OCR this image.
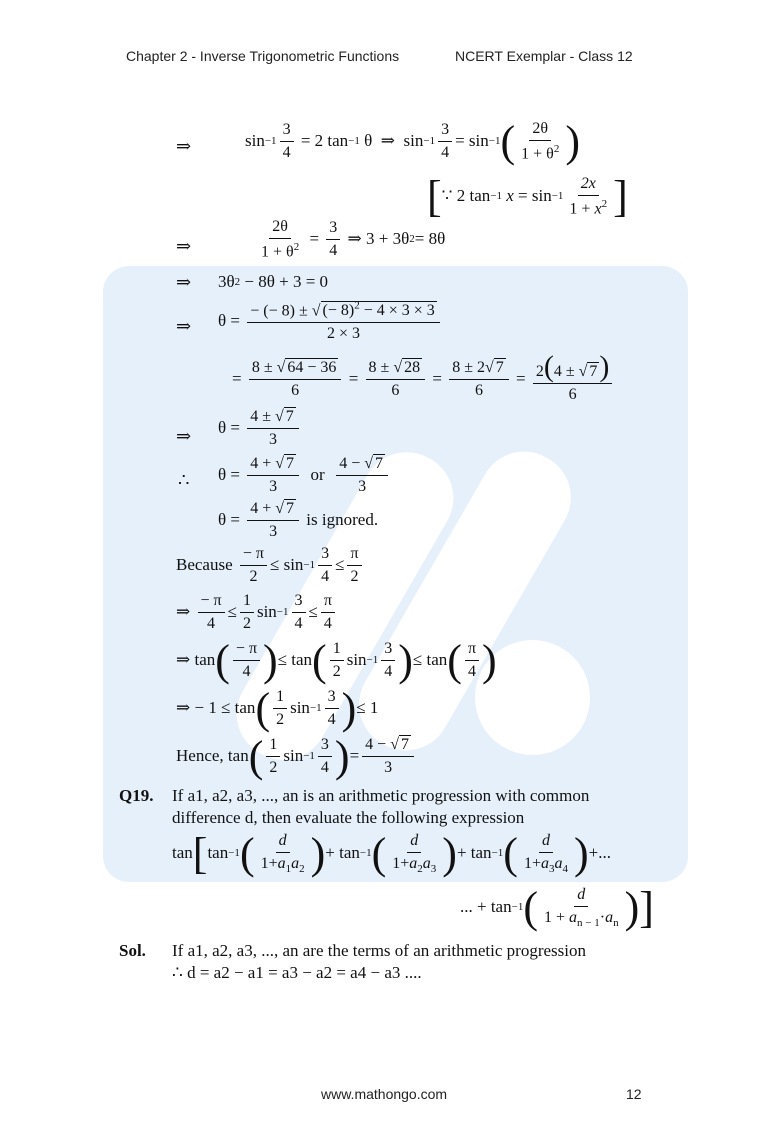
Chapter 2 - Inverse Trigonometric Functions	NCERT Exemplar - Class 12
⇒	sin −1
3
4
= 2 tan −1 θ  ⇒  sin −1
3
4
= sin −1 ( 2θ
$1 + \theta^2$ )
[ ∵ 2 tan −1
x = sin −1
2x
$1 + x^2$ ]
⇒
2θ
$1 + \theta^2$ =
3
4
⇒ 3 + 3θ 2 = 8θ
⇒ 3θ 2 − 8θ + 3 = 0
⇒ θ =
− (− 8) ± √ (− 8)$^2$ − 4 × 3 × 3
2 × 3
=
8 ± √ 64 − 36
6
=
8 ± √ 28
6
=
8 ± 2√ 7
6
= 2(4 ± √ 7)
6
⇒ θ =
4 ± √ 7
3
∴ θ =
4 + √ 7
3

or

4 − √ 7
3
θ =
4 + √ 7
3

is ignored.
Because

− π
2
≤ sin −1
3
4
≤
π
2
⇒
− π
4
≤
1
2
sin −1
3
4
≤
π
4
⇒ tan ( − π
4 ) ≤ tan ( 1
2
sin −1
3
4 ) ≤ tan ( π
4 )
⇒ − 1 ≤ tan ( 1
2
sin −1
3
4 ) ≤ 1
Hence, tan ( 1
2
sin −1
3
4 ) =
4 − √ 7
3
Q19. If a1, a2, a3, ..., an is an arithmetic progression with common
difference d, then evaluate the following expression
tan [ tan −1 ( d
$1+a_1a_2$ ) + tan −1 ( d
$1+a_2a_3$ ) + tan −1 ( d
$1+a_3a_4$ ) +...
... + tan −1 ( d
$1 + a_{n - 1}\cdot a_n$ ) ]
Sol. If a1, a2, a3, ..., an are the terms of an arithmetic progression
∴ d = a2 − a1 = a3 − a2 = a4 − a3 ....
www.mathongo.com	12
